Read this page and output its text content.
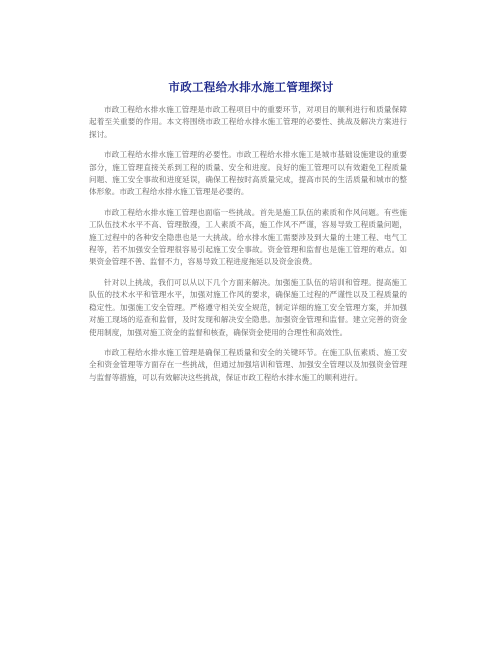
市政工程给水排水施工管理探讨

市政工程给水排水施工管理是市政工程项目中的重要环节，对项目的顺利进行和质量保障起着至关重要的作用。本文将围绕市政工程给水排水施工管理的必要性、挑战及解决方案进行探讨。

市政工程给水排水施工管理的必要性。市政工程给水排水施工是城市基础设施建设的重要部分，施工管理直接关系到工程的质量、安全和进度。良好的施工管理可以有效避免工程质量问题、施工安全事故和进度延误，确保工程按时高质量完成，提高市民的生活质量和城市的整体形象。市政工程给水排水施工管理是必要的。

市政工程给水排水施工管理也面临一些挑战。首先是施工队伍的素质和作风问题。有些施工队伍技术水平不高、管理散漫，工人素质不高，施工作风不严谨，容易导致工程质量问题，施工过程中的各种安全隐患也是一大挑战。给水排水施工需要涉及到大量的土建工程、电气工程等，若不加强安全管理很容易引起施工安全事故。资金管理和监督也是施工管理的难点。如果资金管理不善、监督不力，容易导致工程进度拖延以及资金浪费。

针对以上挑战，我们可以从以下几个方面来解决。加强施工队伍的培训和管理。提高施工队伍的技术水平和管理水平，加强对施工作风的要求，确保施工过程的严谨性以及工程质量的稳定性。加强施工安全管理。严格遵守相关安全规范，制定详细的施工安全管理方案，并加强对施工现场的巡查和监督，及时发现和解决安全隐患。加强资金管理和监督。建立完善的资金使用制度，加强对施工资金的监督和核查，确保资金使用的合理性和高效性。

市政工程给水排水施工管理是确保工程质量和安全的关键环节。在施工队伍素质、施工安全和资金管理等方面存在一些挑战，但通过加强培训和管理、加强安全管理以及加强资金管理与监督等措施，可以有效解决这些挑战，保证市政工程给水排水施工的顺利进行。
